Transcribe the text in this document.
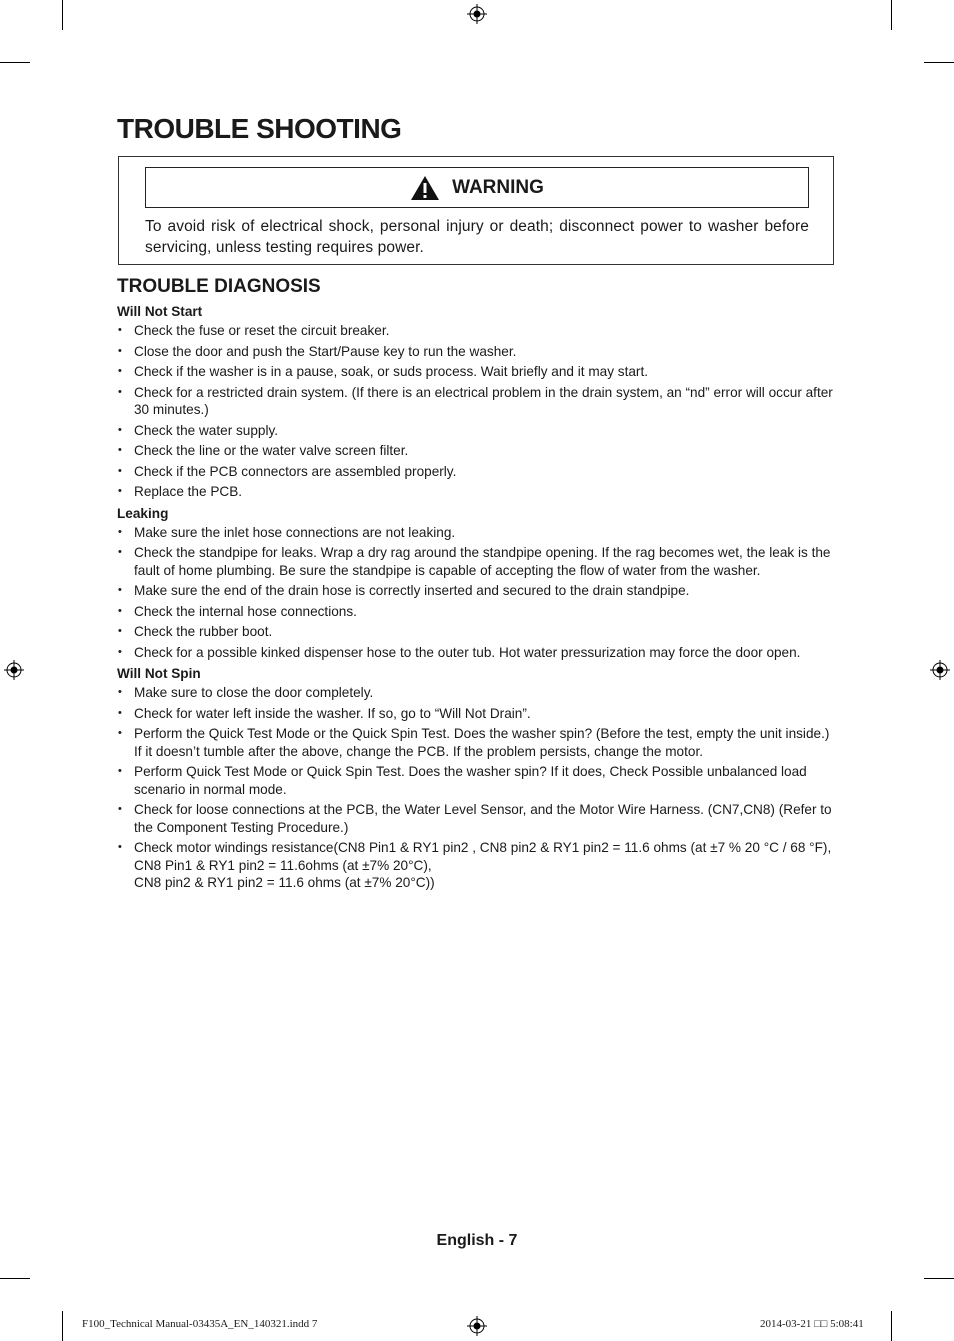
TROUBLE SHOOTING
WARNING

To avoid risk of electrical shock, personal injury or death; disconnect power to washer before servicing, unless testing requires power.

TROUBLE DIAGNOSIS
Will Not Start
• Check the fuse or reset the circuit breaker.
• Close the door and push the Start/Pause key to run the washer.
• Check if the washer is in a pause, soak, or suds process. Wait briefly and it may start.
• Check for a restricted drain system. (If there is an electrical problem in the drain system, an “nd” error will occur after 30 minutes.)
• Check the water supply.
• Check the line or the water valve screen filter.
• Check if the PCB connectors are assembled properly.
• Replace the PCB.
Leaking
• Make sure the inlet hose connections are not leaking.
• Check the standpipe for leaks. Wrap a dry rag around the standpipe opening. If the rag becomes wet, the leak is the fault of home plumbing. Be sure the standpipe is capable of accepting the flow of water from the washer.
• Make sure the end of the drain hose is correctly inserted and secured to the drain standpipe.
• Check the internal hose connections.
• Check the rubber boot.
• Check for a possible kinked dispenser hose to the outer tub. Hot water pressurization may force the door open.
Will Not Spin
• Make sure to close the door completely.
• Check for water left inside the washer. If so, go to “Will Not Drain”.
• Perform the Quick Test Mode or the Quick Spin Test. Does the washer spin? (Before the test, empty the unit inside.) If it doesn’t tumble after the above, change the PCB. If the problem persists, change the motor.
• Perform Quick Test Mode or Quick Spin Test. Does the washer spin? If it does, Check Possible unbalanced load scenario in normal mode.
• Check for loose connections at the PCB, the Water Level Sensor, and the Motor Wire Harness. (CN7,CN8) (Refer to the Component Testing Procedure.)
• Check motor windings resistance(CN8 Pin1 & RY1 pin2 , CN8 pin2 & RY1 pin2 = 11.6 ohms (at ±7 % 20 °C / 68 °F),
CN8 Pin1 & RY1 pin2 = 11.6ohms (at ±7% 20°C),
CN8 pin2 & RY1 pin2 = 11.6 ohms (at ±7% 20°C))
English - 7
F100_Technical Manual-03435A_EN_140321.indd 7	2014-03-21 □□ 5:08:41
